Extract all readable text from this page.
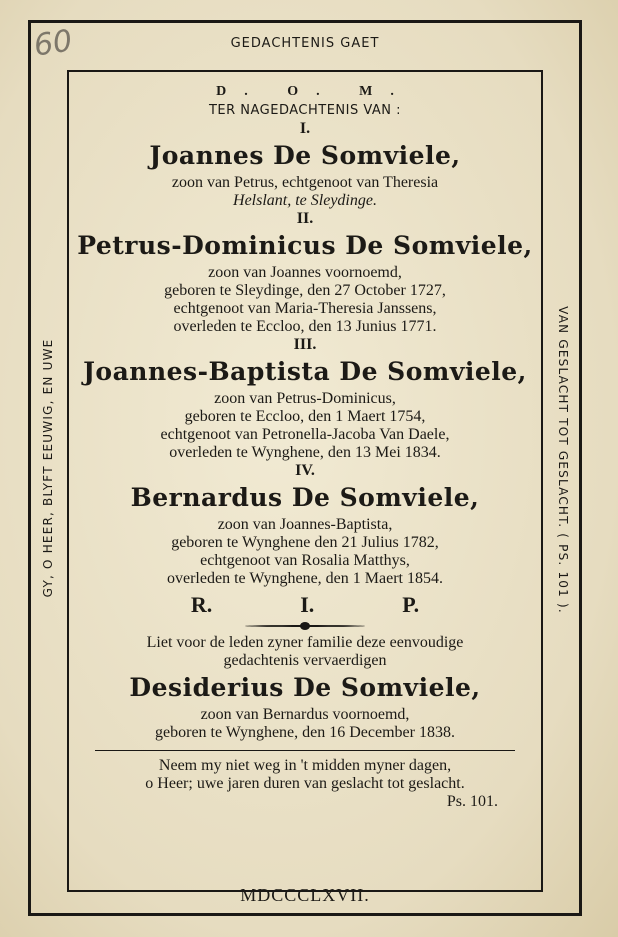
60	GEDACHTENIS GAET
GY, O HEER, BLYFT EEUWIG, EN UWE	VAN GESLACHT TOT GESLACHT. ( PS. 101 ).
MDCCCLXVII.
D. O. M.
TER NAGEDACHTENIS VAN :
I.
Joannes De Somviele,
zoon van Petrus, echtgenoot van Theresia
Helslant, te Sleydinge.
II.
Petrus-Dominicus De Somviele,
zoon van Joannes voornoemd,
geboren te Sleydinge, den 27 October 1727,
echtgenoot van Maria-Theresia Janssens,
overleden te Eccloo, den 13 Junius 1771.
III.
Joannes-Baptista De Somviele,
zoon van Petrus-Dominicus,
geboren te Eccloo, den 1 Maert 1754,
echtgenoot van Petronella-Jacoba Van Daele,
overleden te Wynghene, den 13 Mei 1834.
IV.
Bernardus De Somviele,
zoon van Joannes-Baptista,
geboren te Wynghene den 21 Julius 1782,
echtgenoot van Rosalia Matthys,
overleden te Wynghene, den 1 Maert 1854.
R.	I.	P.
Liet voor de leden zyner familie deze eenvoudige
gedachtenis vervaerdigen
Desiderius De Somviele,
zoon van Bernardus voornoemd,
geboren te Wynghene, den 16 December 1838.
Neem my niet weg in 't midden myner dagen,
o Heer; uwe jaren duren van geslacht tot geslacht.
Ps. 101.
